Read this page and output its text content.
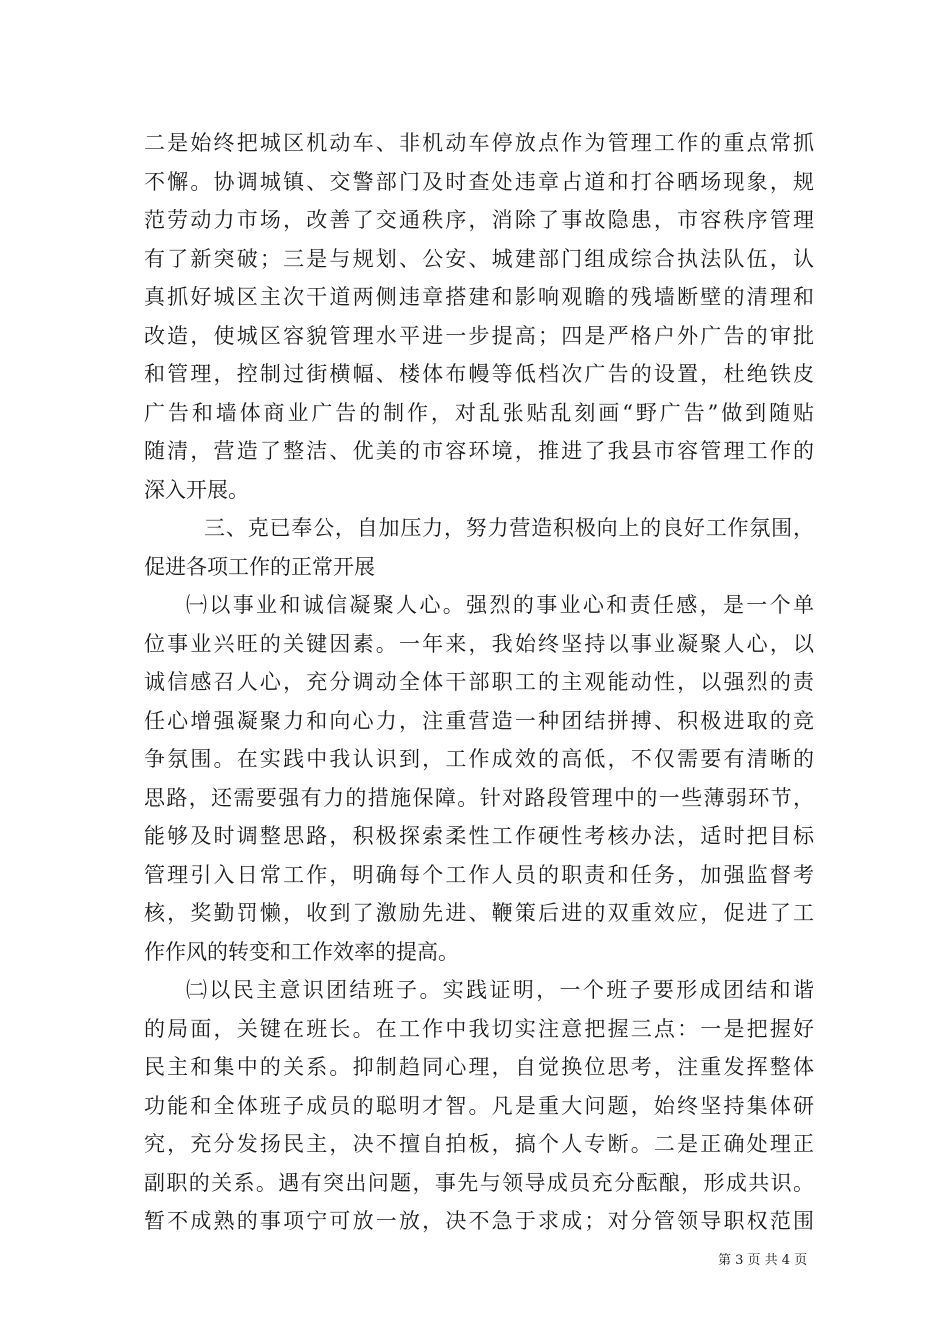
二是始终把城区机动车、非机动车停放点作为管理工作的重点常抓
不懈。协调城镇、交警部门及时查处违章占道和打谷晒场现象，规
范劳动力市场，改善了交通秩序，消除了事故隐患，市容秩序管理
有了新突破；三是与规划、公安、城建部门组成综合执法队伍，认
真抓好城区主次干道两侧违章搭建和影响观瞻的残墙断壁的清理和
改造，使城区容貌管理水平进一步提高；四是严格户外广告的审批
和管理，控制过街横幅、楼体布幔等低档次广告的设置，杜绝铁皮
广告和墙体商业广告的制作，对乱张贴乱刻画“野广告”做到随贴
随清，营造了整洁、优美的市容环境，推进了我县市容管理工作的
深入开展。
三、克已奉公，自加压力，努力营造积极向上的良好工作氛围，
促进各项工作的正常开展
㈠以事业和诚信凝聚人心。强烈的事业心和责任感，是一个单
位事业兴旺的关键因素。一年来，我始终坚持以事业凝聚人心，以
诚信感召人心，充分调动全体干部职工的主观能动性，以强烈的责
任心增强凝聚力和向心力，注重营造一种团结拼搏、积极进取的竞
争氛围。在实践中我认识到，工作成效的高低，不仅需要有清晰的
思路，还需要强有力的措施保障。针对路段管理中的一些薄弱环节，
能够及时调整思路，积极探索柔性工作硬性考核办法，适时把目标
管理引入日常工作，明确每个工作人员的职责和任务，加强监督考
核，奖勤罚懒，收到了激励先进、鞭策后进的双重效应，促进了工
作作风的转变和工作效率的提高。
㈡以民主意识团结班子。实践证明，一个班子要形成团结和谐
的局面，关键在班长。在工作中我切实注意把握三点：一是把握好
民主和集中的关系。抑制趋同心理，自觉换位思考，注重发挥整体
功能和全体班子成员的聪明才智。凡是重大问题，始终坚持集体研
究，充分发扬民主，决不擅自拍板，搞个人专断。二是正确处理正
副职的关系。遇有突出问题，事先与领导成员充分酝酿，形成共识。
暂不成熟的事项宁可放一放，决不急于求成；对分管领导职权范围
第 3 页 共 4 页
